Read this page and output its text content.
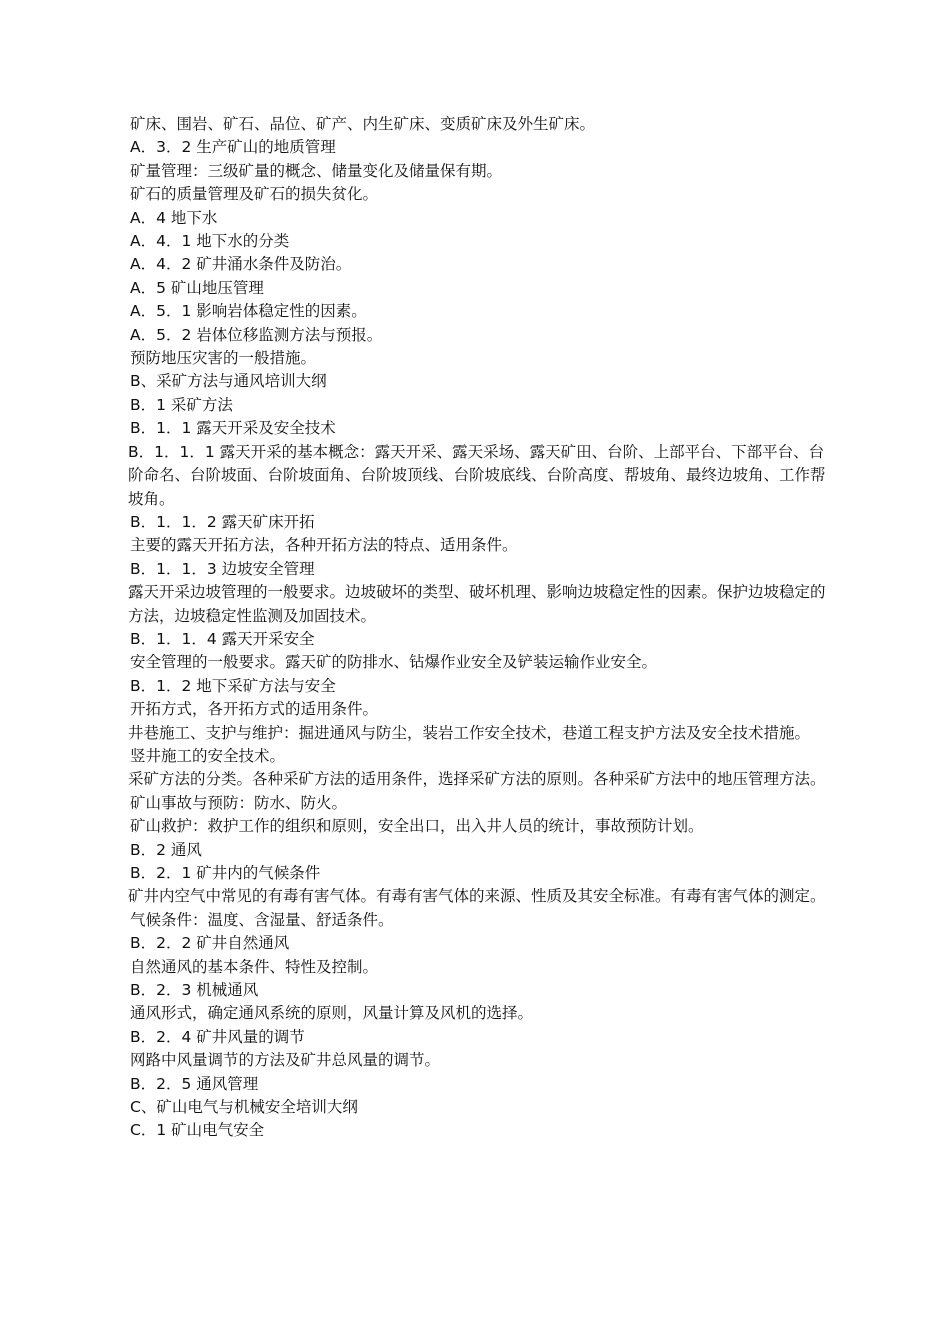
矿床、围岩、矿石、品位、矿产、内生矿床、变质矿床及外生矿床。

A．3．2 生产矿山的地质管理

矿量管理：三级矿量的概念、储量变化及储量保有期。

矿石的质量管理及矿石的损失贫化。

A．4 地下水

A．4．1 地下水的分类

A．4．2 矿井涌水条件及防治。

A．5 矿山地压管理

A．5．1 影响岩体稳定性的因素。

A．5．2 岩体位移监测方法与预报。

预防地压灾害的一般措施。

B、采矿方法与通风培训大纲

B．1 采矿方法

B．1．1 露天开采及安全技术

B．1．1．1 露天开采的基本概念：露天开采、露天采场、露天矿田、台阶、上部平台、下部平台、台阶命名、台阶坡面、台阶坡面角、台阶坡顶线、台阶坡底线、台阶高度、帮坡角、最终边坡角、工作帮坡角。

B．1．1．2 露天矿床开拓

主要的露天开拓方法，各种开拓方法的特点、适用条件。

B．1．1．3 边坡安全管理

露天开采边坡管理的一般要求。边坡破坏的类型、破坏机理、影响边坡稳定性的因素。保护边坡稳定的方法，边坡稳定性监测及加固技术。

B．1．1．4 露天开采安全

安全管理的一般要求。露天矿的防排水、钻爆作业安全及铲装运输作业安全。

B．1．2 地下采矿方法与安全

开拓方式，各开拓方式的适用条件。

井巷施工、支护与维护：掘进通风与防尘，装岩工作安全技术，巷道工程支护方法及安全技术措施。

竖井施工的安全技术。

采矿方法的分类。各种采矿方法的适用条件，选择采矿方法的原则。各种采矿方法中的地压管理方法。

矿山事故与预防：防水、防火。

矿山救护：救护工作的组织和原则，安全出口，出入井人员的统计，事故预防计划。

B．2 通风

B．2．1 矿井内的气候条件

矿井内空气中常见的有毒有害气体。有毒有害气体的来源、性质及其安全标准。有毒有害气体的测定。

气候条件：温度、含湿量、舒适条件。

B．2．2 矿井自然通风

自然通风的基本条件、特性及控制。

B．2．3 机械通风

通风形式，确定通风系统的原则，风量计算及风机的选择。

B．2．4 矿井风量的调节

网路中风量调节的方法及矿井总风量的调节。

B．2．5 通风管理

C、矿山电气与机械安全培训大纲

C．1 矿山电气安全
